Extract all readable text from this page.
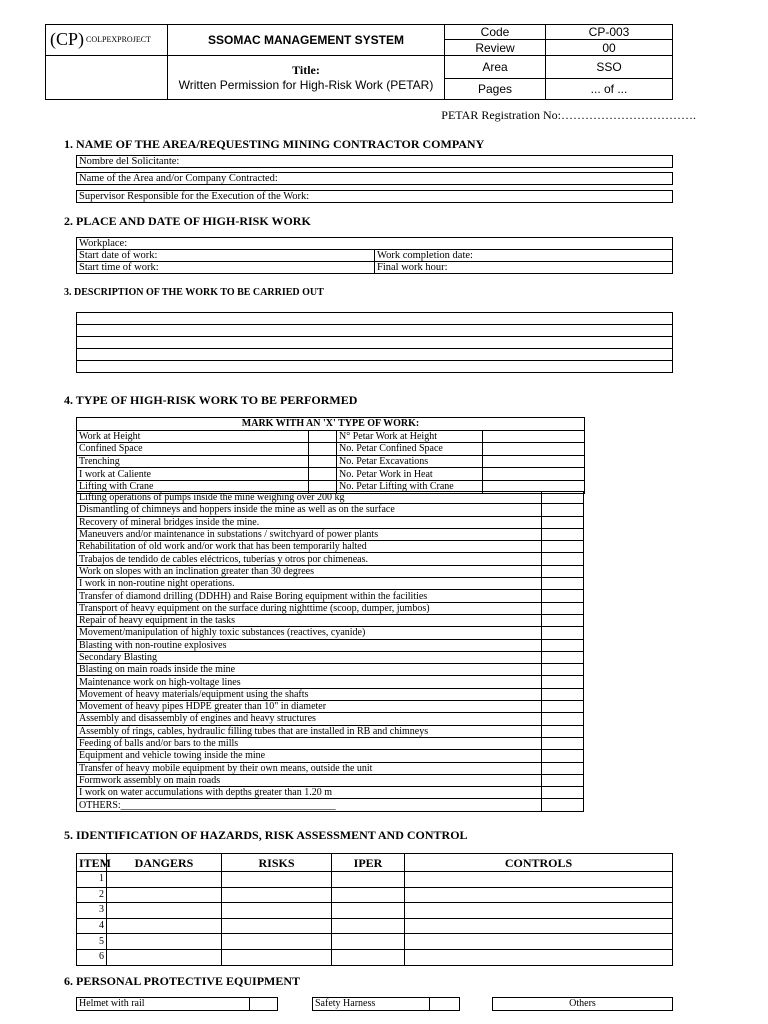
(CP) COLPEXPROJECT	SSOMAC MANAGEMENT SYSTEM	Code	CP-003
		Review	00

	Title:
Written Permission for High-Risk Work (PETAR)	Area	SSO
		Pages	... of ...
PETAR Registration No:…………………………….
1. NAME OF THE AREA/REQUESTING MINING CONTRACTOR COMPANY
Nombre del Solicitante:
Name of the Area and/or Company Contracted:
Supervisor Responsible for the Execution of the Work:
2. PLACE AND DATE OF HIGH-RISK WORK
Workplace:	
Start date of work:	Work completion date:
Start time of work:	Final work hour:
3. DESCRIPTION OF THE WORK TO BE CARRIED OUT

4. TYPE OF HIGH-RISK WORK TO BE PERFORMED
MARK WITH AN 'X' TYPE OF WORK:			
Work at Height		N° Petar Work at Height	
Confined Space		No. Petar Confined Space	
Trenching		No. Petar Excavations	
I work at Caliente		No. Petar Work in Heat	
Lifting with Crane		No. Petar Lifting with Crane	
Lifting operations of pumps inside the mine weighing over 200 kg	
Dismantling of chimneys and hoppers inside the mine as well as on the surface	
Recovery of mineral bridges inside the mine.	
Maneuvers and/or maintenance in substations / switchyard of power plants	
Rehabilitation of old work and/or work that has been temporarily halted	
Trabajos de tendido de cables eléctricos, tuberías y otros por chimeneas.	
Work on slopes with an inclination greater than 30 degrees	
I work in non-routine night operations.	
Transfer of diamond drilling (DDHH) and Raise Boring equipment within the facilities	
Transport of heavy equipment on the surface during nighttime (scoop, dumper, jumbos)	
Repair of heavy equipment in the tasks	
Movement/manipulation of highly toxic substances (reactives, cyanide)	
Blasting with non-routine explosives	
Secondary Blasting	
Blasting on main roads inside the mine	
Maintenance work on high-voltage lines	
Movement of heavy materials/equipment using the shafts	
Movement of heavy pipes HDPE greater than 10" in diameter	
Assembly and disassembly of engines and heavy structures	
Assembly of rings, cables, hydraulic filling tubes that are installed in RB and chimneys	
Feeding of balls and/or bars to the mills	
Equipment and vehicle towing inside the mine	
Transfer of heavy mobile equipment by their own means, outside the unit	
Formwork assembly on main roads	
I work on water accumulations with depths greater than 1.20 m	
OTHERS:___________________________________________	
5. IDENTIFICATION OF HAZARDS, RISK ASSESSMENT AND CONTROL
ITEM	DANGERS	RISKS	IPER	CONTROLS
1				
2				
3				
4				
5				
6				
6. PERSONAL PROTECTIVE EQUIPMENT
Helmet with rail			Safety Harness			Others
